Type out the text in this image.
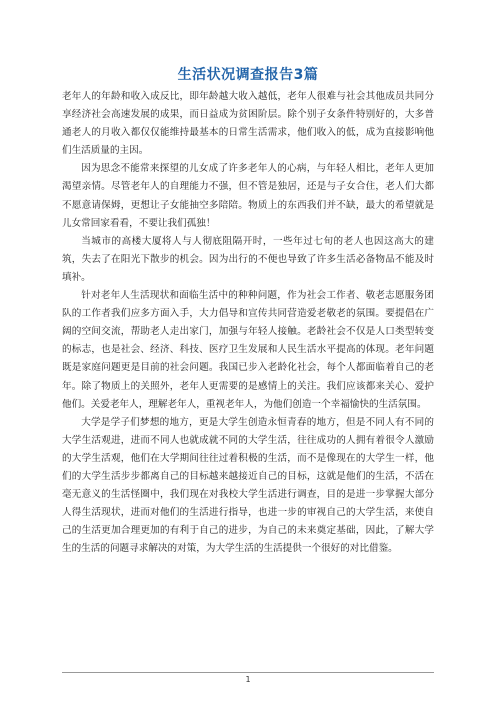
生活状况调查报告3篇

老年人的年龄和收入成反比，即年龄越大收入越低，老年人很难与社会其他成员共同分享经济社会高速发展的成果，而日益成为贫困阶层。除个别子女条件特别好的，大多普通老人的月收入都仅仅能维持最基本的日常生活需求，他们收入的低，成为直接影响他们生活质量的主因。

因为思念不能常来探望的儿女成了许多老年人的心病，与年轻人相比，老年人更加渴望亲情。尽管老年人的自理能力不强，但不管是独居，还是与子女合住，老人们大都不愿意请保姆，更想让子女能抽空多陪陪。物质上的东西我们并不缺，最大的希望就是儿女常回家看看，不要让我们孤独！

当城市的高楼大厦将人与人彻底阻隔开时，一些年过七旬的老人也因这高大的建筑，失去了在阳光下散步的机会。因为出行的不便也导致了许多生活必备物品不能及时填补。

针对老年人生活现状和面临生活中的种种问题，作为社会工作者、敬老志愿服务团队的工作者我们应多方面入手，大力倡导和宣传共同营造爱老敬老的氛围。要提倡在广阔的空间交流，帮助老人走出家门，加强与年轻人接触。老龄社会不仅是人口类型转变的标志，也是社会、经济、科技、医疗卫生发展和人民生活水平提高的体现。老年问题既是家庭问题更是目前的社会问题。我国已步入老龄化社会，每个人都面临着自己的老年。除了物质上的关照外，老年人更需要的是感情上的关注。我们应该都来关心、爱护他们。关爱老年人，理解老年人，重视老年人，为他们创造一个幸福愉快的生活氛围。

大学是学子们梦想的地方，更是大学生创造永恒青春的地方，但是不同人有不同的大学生活观进，进而不同人也就成就不同的大学生活，往往成功的人拥有着很令人激励的大学生活观，他们在大学期间往往过着积极的生活，而不是像现在的大学生一样，他们的大学生活步步都离自己的目标越来越接近自己的目标，这就是他们的生活，不活在毫无意义的生活怪圈中，我们现在对我校大学生活进行调查，目的是进一步掌握大部分人得生活现状，进而对他们的生活进行指导，也进一步的审视自己的大学生活，来使自己的生活更加合理更加的有利于自己的进步，为自己的未来奠定基础，因此，了解大学生的生活的问题寻求解决的对策，为大学生活的生活提供一个很好的对比借鉴。

1
